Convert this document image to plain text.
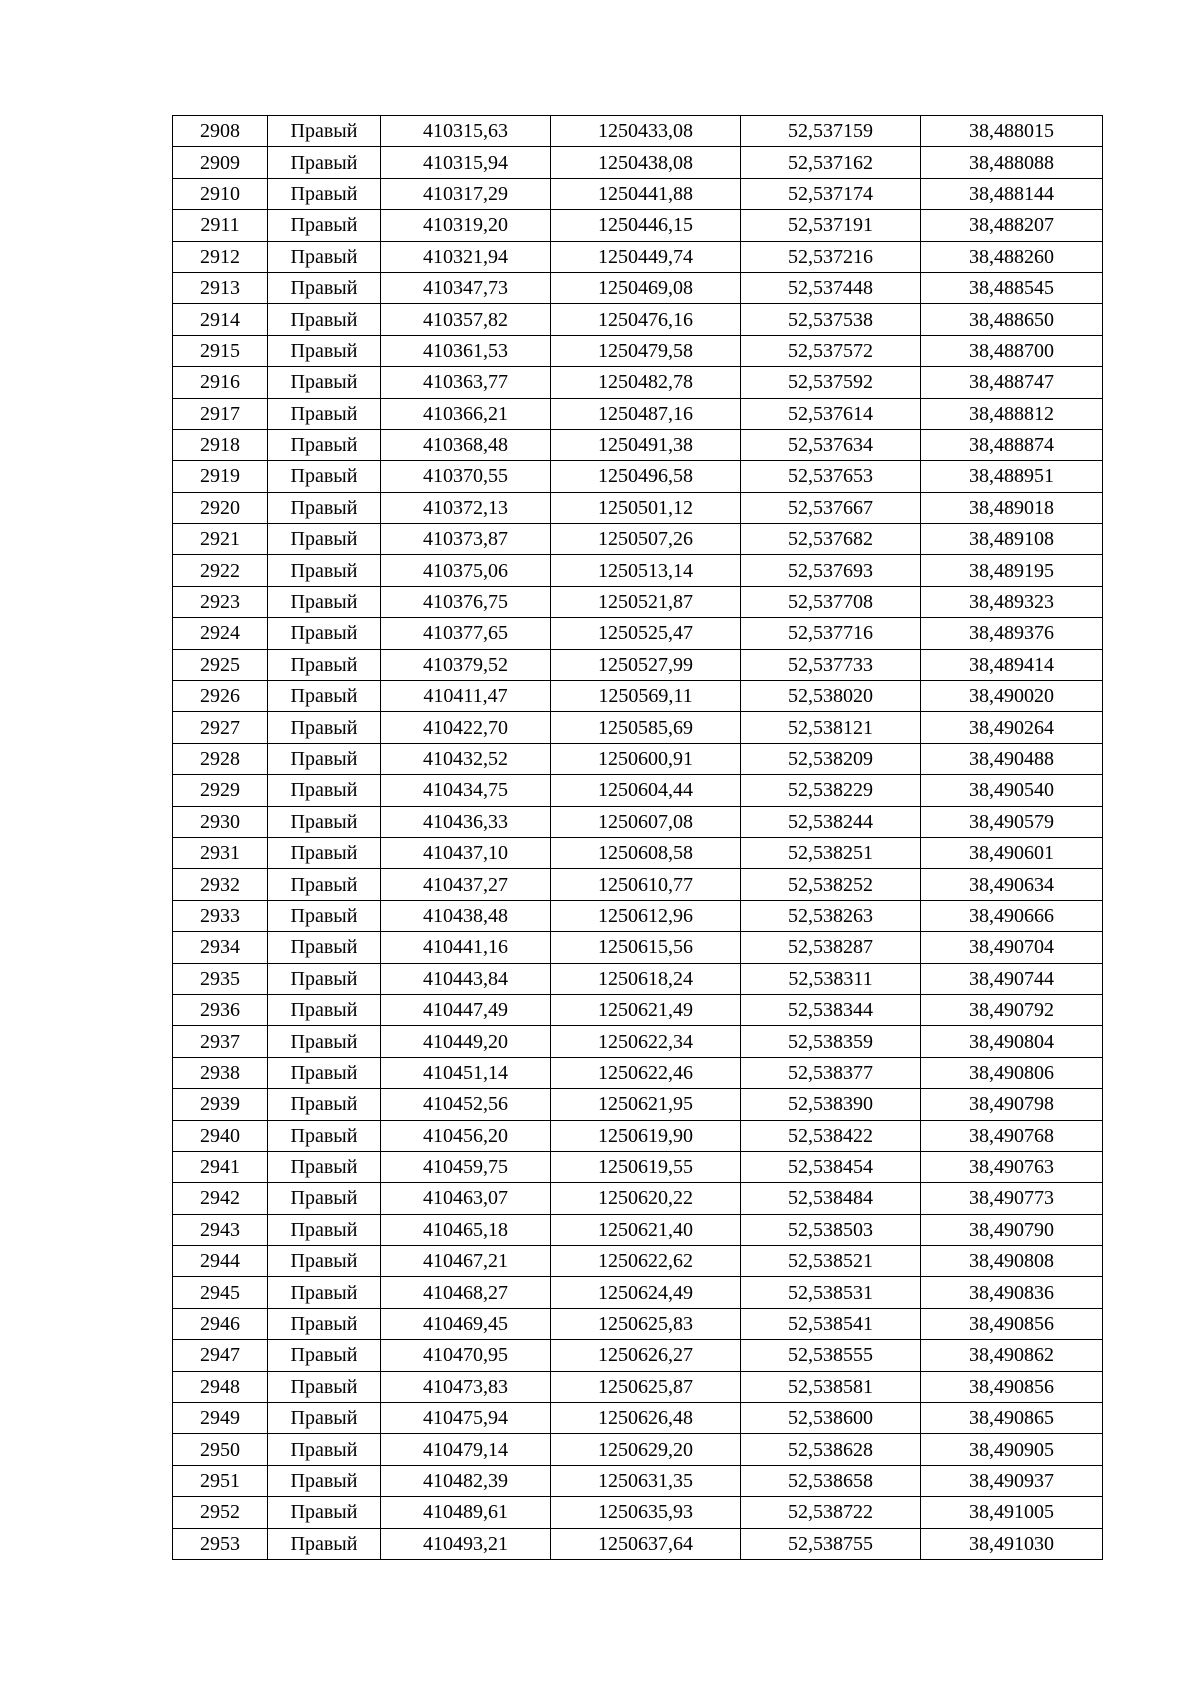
2908	Правый	410315,63	1250433,08	52,537159	38,488015
2909	Правый	410315,94	1250438,08	52,537162	38,488088
2910	Правый	410317,29	1250441,88	52,537174	38,488144
2911	Правый	410319,20	1250446,15	52,537191	38,488207
2912	Правый	410321,94	1250449,74	52,537216	38,488260
2913	Правый	410347,73	1250469,08	52,537448	38,488545
2914	Правый	410357,82	1250476,16	52,537538	38,488650
2915	Правый	410361,53	1250479,58	52,537572	38,488700
2916	Правый	410363,77	1250482,78	52,537592	38,488747
2917	Правый	410366,21	1250487,16	52,537614	38,488812
2918	Правый	410368,48	1250491,38	52,537634	38,488874
2919	Правый	410370,55	1250496,58	52,537653	38,488951
2920	Правый	410372,13	1250501,12	52,537667	38,489018
2921	Правый	410373,87	1250507,26	52,537682	38,489108
2922	Правый	410375,06	1250513,14	52,537693	38,489195
2923	Правый	410376,75	1250521,87	52,537708	38,489323
2924	Правый	410377,65	1250525,47	52,537716	38,489376
2925	Правый	410379,52	1250527,99	52,537733	38,489414
2926	Правый	410411,47	1250569,11	52,538020	38,490020
2927	Правый	410422,70	1250585,69	52,538121	38,490264
2928	Правый	410432,52	1250600,91	52,538209	38,490488
2929	Правый	410434,75	1250604,44	52,538229	38,490540
2930	Правый	410436,33	1250607,08	52,538244	38,490579
2931	Правый	410437,10	1250608,58	52,538251	38,490601
2932	Правый	410437,27	1250610,77	52,538252	38,490634
2933	Правый	410438,48	1250612,96	52,538263	38,490666
2934	Правый	410441,16	1250615,56	52,538287	38,490704
2935	Правый	410443,84	1250618,24	52,538311	38,490744
2936	Правый	410447,49	1250621,49	52,538344	38,490792
2937	Правый	410449,20	1250622,34	52,538359	38,490804
2938	Правый	410451,14	1250622,46	52,538377	38,490806
2939	Правый	410452,56	1250621,95	52,538390	38,490798
2940	Правый	410456,20	1250619,90	52,538422	38,490768
2941	Правый	410459,75	1250619,55	52,538454	38,490763
2942	Правый	410463,07	1250620,22	52,538484	38,490773
2943	Правый	410465,18	1250621,40	52,538503	38,490790
2944	Правый	410467,21	1250622,62	52,538521	38,490808
2945	Правый	410468,27	1250624,49	52,538531	38,490836
2946	Правый	410469,45	1250625,83	52,538541	38,490856
2947	Правый	410470,95	1250626,27	52,538555	38,490862
2948	Правый	410473,83	1250625,87	52,538581	38,490856
2949	Правый	410475,94	1250626,48	52,538600	38,490865
2950	Правый	410479,14	1250629,20	52,538628	38,490905
2951	Правый	410482,39	1250631,35	52,538658	38,490937
2952	Правый	410489,61	1250635,93	52,538722	38,491005
2953	Правый	410493,21	1250637,64	52,538755	38,491030
